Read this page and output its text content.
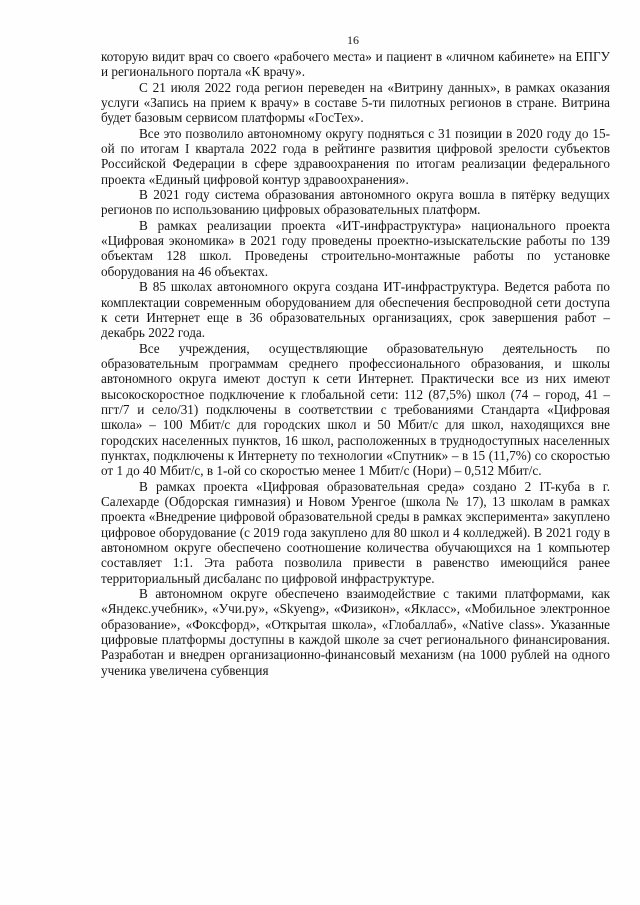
16

которую видит врач со своего «рабочего места» и пациент в «личном кабинете» на ЕПГУ и регионального портала «К врачу».

С 21 июля 2022 года регион переведен на «Витрину данных», в рамках оказания услуги «Запись на прием к врачу» в составе 5-ти пилотных регионов в стране. Витрина будет базовым сервисом платформы «ГосТех».

Все это позволило автономному округу подняться с 31 позиции в 2020 году до 15-ой по итогам I квартала 2022 года в рейтинге развития цифровой зрелости субъектов Российской Федерации в сфере здравоохранения по итогам реализации федерального проекта «Единый цифровой контур здравоохранения».

В 2021 году система образования автономного округа вошла в пятёрку ведущих регионов по использованию цифровых образовательных платформ.

В рамках реализации проекта «ИТ-инфраструктура» национального проекта «Цифровая экономика» в 2021 году проведены проектно-изыскательские работы по 139 объектам 128 школ. Проведены строительно-монтажные работы по установке оборудования на 46 объектах.

В 85 школах автономного округа создана ИТ-инфраструктура. Ведется работа по комплектации современным оборудованием для обеспечения беспроводной сети доступа к сети Интернет еще в 36 образовательных организациях, срок завершения работ – декабрь 2022 года.

Все учреждения, осуществляющие образовательную деятельность по образовательным программам среднего профессионального образования, и школы автономного округа имеют доступ к сети Интернет. Практически все из них имеют высокоскоростное подключение к глобальной сети: 112 (87,5%) школ (74 – город, 41 – пгт/7 и село/31) подключены в соответствии с требованиями Стандарта «Цифровая школа» – 100 Мбит/с для городских школ и 50 Мбит/с для школ, находящихся вне городских населенных пунктов, 16 школ, расположенных в труднодоступных населенных пунктах, подключены к Интернету по технологии «Спутник» – в 15 (11,7%) со скоростью от 1 до 40 Мбит/с, в 1-ой со скоростью менее 1 Мбит/с (Нори) – 0,512 Мбит/с.

В рамках проекта «Цифровая образовательная среда» создано 2 IT-куба в г. Салехарде (Обдорская гимназия) и Новом Уренгое (школа № 17), 13 школам в рамках проекта «Внедрение цифровой образовательной среды в рамках эксперимента» закуплено цифровое оборудование (с 2019 года закуплено для 80 школ и 4 колледжей). В 2021 году в автономном округе обеспечено соотношение количества обучающихся на 1 компьютер составляет 1:1. Эта работа позволила привести в равенство имеющийся ранее территориальный дисбаланс по цифровой инфраструктуре.

В автономном округе обеспечено взаимодействие с такими платформами, как «Яндекс.учебник», «Учи.ру», «Skyeng», «Физикон», «Якласс», «Мобильное электронное образование», «Фоксфорд», «Открытая школа», «Глобаллаб», «Native class». Указанные цифровые платформы доступны в каждой школе за счет регионального финансирования. Разработан и внедрен организационно-финансовый механизм (на 1000 рублей на одного ученика увеличена субвенция
